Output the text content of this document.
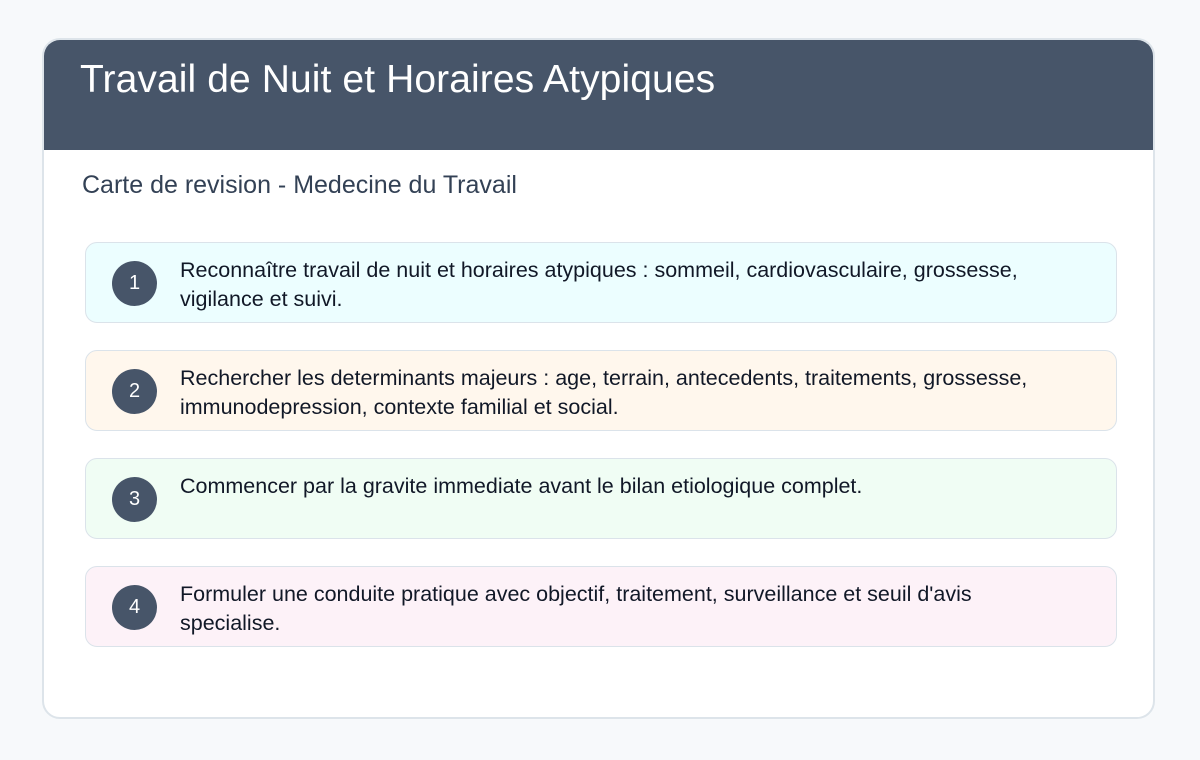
Travail de Nuit et Horaires Atypiques

Carte de revision - Medecine du Travail

1

Reconnaître travail de nuit et horaires atypiques : sommeil, cardiovasculaire, grossesse, vigilance et suivi.

2

Rechercher les determinants majeurs : age, terrain, antecedents, traitements, grossesse, immunodepression, contexte familial et social.

3

Commencer par la gravite immediate avant le bilan etiologique complet.

4

Formuler une conduite pratique avec objectif, traitement, surveillance et seuil d'avis specialise.
